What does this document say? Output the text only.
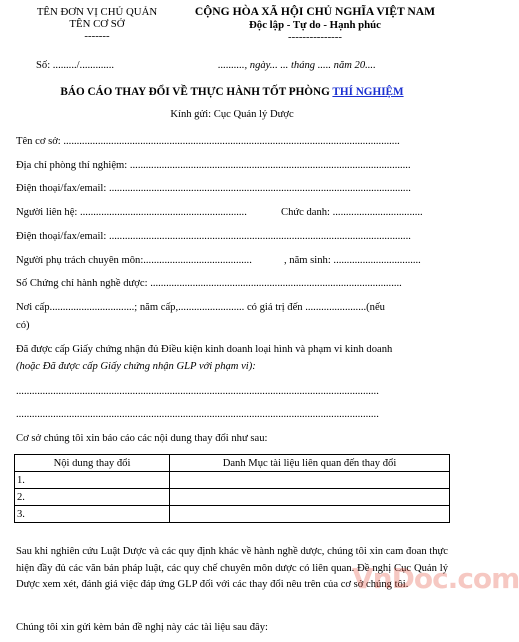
TÊN ĐƠN VỊ CHỦ QUẢN
TÊN CƠ SỞ
-------
CỘNG HÒA XÃ HỘI CHỦ NGHĨA VIỆT NAM
Độc lập - Tự do - Hạnh phúc
---------------
Số: ........./.............	.........., ngày... ... tháng ..... năm 20....
BÁO CÁO THAY ĐỔI VỀ THỰC HÀNH TỐT PHÒNG THÍ NGHIỆM
Kính gửi: Cục Quản lý Dược
Tên cơ sở: ...............................................................................................................................
Địa chỉ phòng thí nghiệm: ..........................................................................................................
Điện thoại/fax/email: ..................................................................................................................
Người liên hệ: ...............................................................	Chức danh: ..................................
Điện thoại/fax/email: ..................................................................................................................
Người phụ trách chuyên môn:.........................................	, năm sinh: .................................
Số Chứng chỉ hành nghề dược: ...............................................................................................
Nơi cấp................................; năm cấp,......................... có giá trị đến .......................(nếu
có)
Đã được cấp Giấy chứng nhận đủ Điều kiện kinh doanh loại hình và phạm vi kinh doanh
(hoặc Đã được cấp Giấy chứng nhận GLP với phạm vi):
.........................................................................................................................................
.........................................................................................................................................
Cơ sở chúng tôi xin báo cáo các nội dung thay đổi như sau:
Nội dung thay đổi	Danh Mục tài liệu liên quan đến thay đổi
1.	
2.	
3.	
Sau khi nghiên cứu Luật Dược và các quy định khác về hành nghề dược, chúng tôi xin cam đoan thực hiện đầy đủ các văn bản pháp luật, các quy chế chuyên môn dược có liên quan. Đề nghị Cục Quản lý Dược xem xét, đánh giá việc đáp ứng GLP đối với các thay đổi nêu trên của cơ sở chúng tôi.
Chúng tôi xin gửi kèm bản đề nghị này các tài liệu sau đây:
VnDoc.com
